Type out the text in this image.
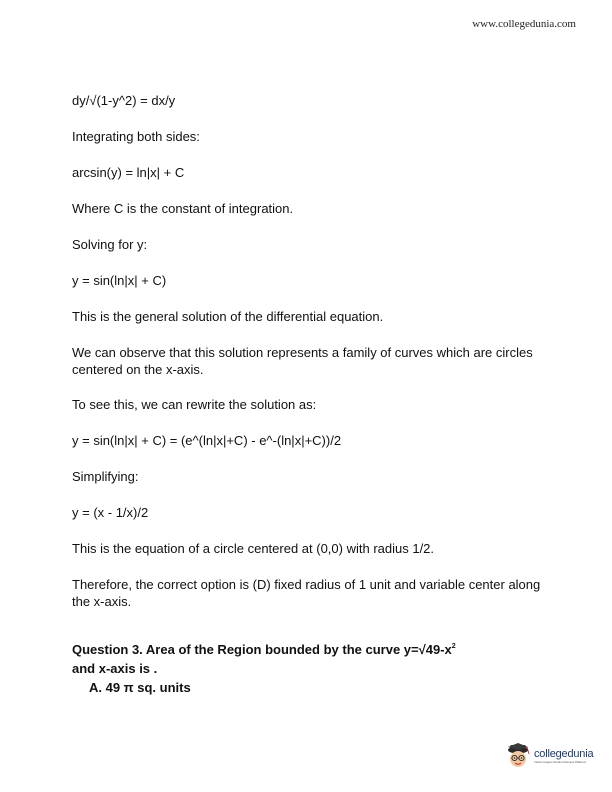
www.collegedunia.com

dy/√(1-y^2) = dx/y

Integrating both sides:

arcsin(y) = ln|x| + C

Where C is the constant of integration.

Solving for y:

y = sin(ln|x| + C)

This is the general solution of the differential equation.

We can observe that this solution represents a family of curves which are circles centered on the x-axis.

To see this, we can rewrite the solution as:

y = sin(ln|x| + C) = (e^(ln|x|+C) - e^-(ln|x|+C))/2

Simplifying:

y = (x - 1/x)/2

This is the equation of a circle centered at (0,0) with radius 1/2.

Therefore, the correct option is (D) fixed radius of 1 unit and variable center along the x-axis.

Question 3. Area of the Region bounded by the curve $y=√49-x^2$
and x-axis is .
A. 49 π sq. units
collegedunia
India's largest Student Review Platform
